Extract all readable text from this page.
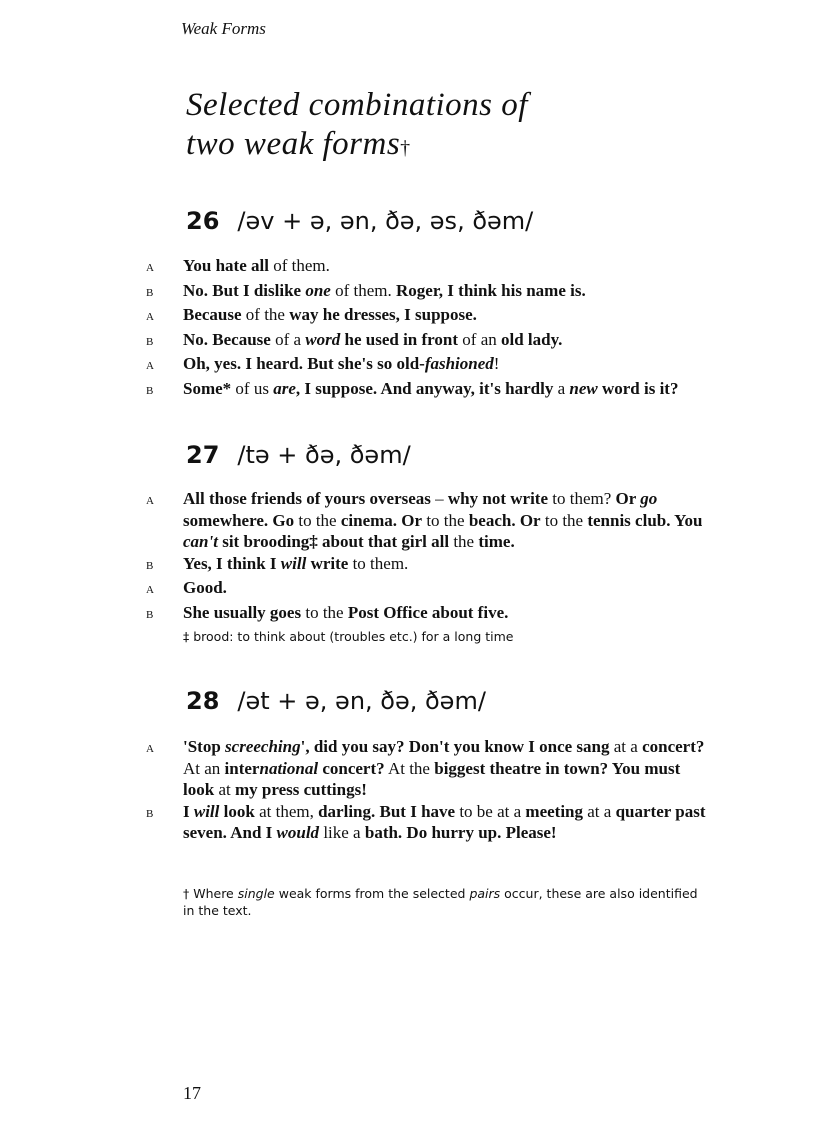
Weak Forms
Selected combinations of
two weak forms†
26 /əv + ə, ən, ðə, əs, ðəm/
A	You hate all of them.
B	No. But I dislike one of them. Roger, I think his name is.
A	Because of the way he dresses, I suppose.
B	No. Because of a word he used in front of an old lady.
A	Oh, yes. I heard. But she's so old-fashioned!
B	Some* of us are, I suppose. And anyway, it's hardly a new word is it?
27 /tə + ðə, ðəm/
A	All those friends of yours overseas – why not write to them? Or go somewhere. Go to the cinema. Or to the beach. Or to the tennis club. You can't sit brooding‡ about that girl all the time.
B	Yes, I think I will write to them.
A	Good.
B	She usually goes to the Post Office about five.
‡ brood: to think about (troubles etc.) for a long time
28 /ət + ə, ən, ðə, ðəm/
A	'Stop screeching', did you say? Don't you know I once sang at a concert? At an international concert? At the biggest theatre in town? You must look at my press cuttings!
B	I will look at them, darling. But I have to be at a meeting at a quarter past seven. And I would like a bath. Do hurry up. Please!
† Where single weak forms from the selected pairs occur, these are also identified in the text.
17
